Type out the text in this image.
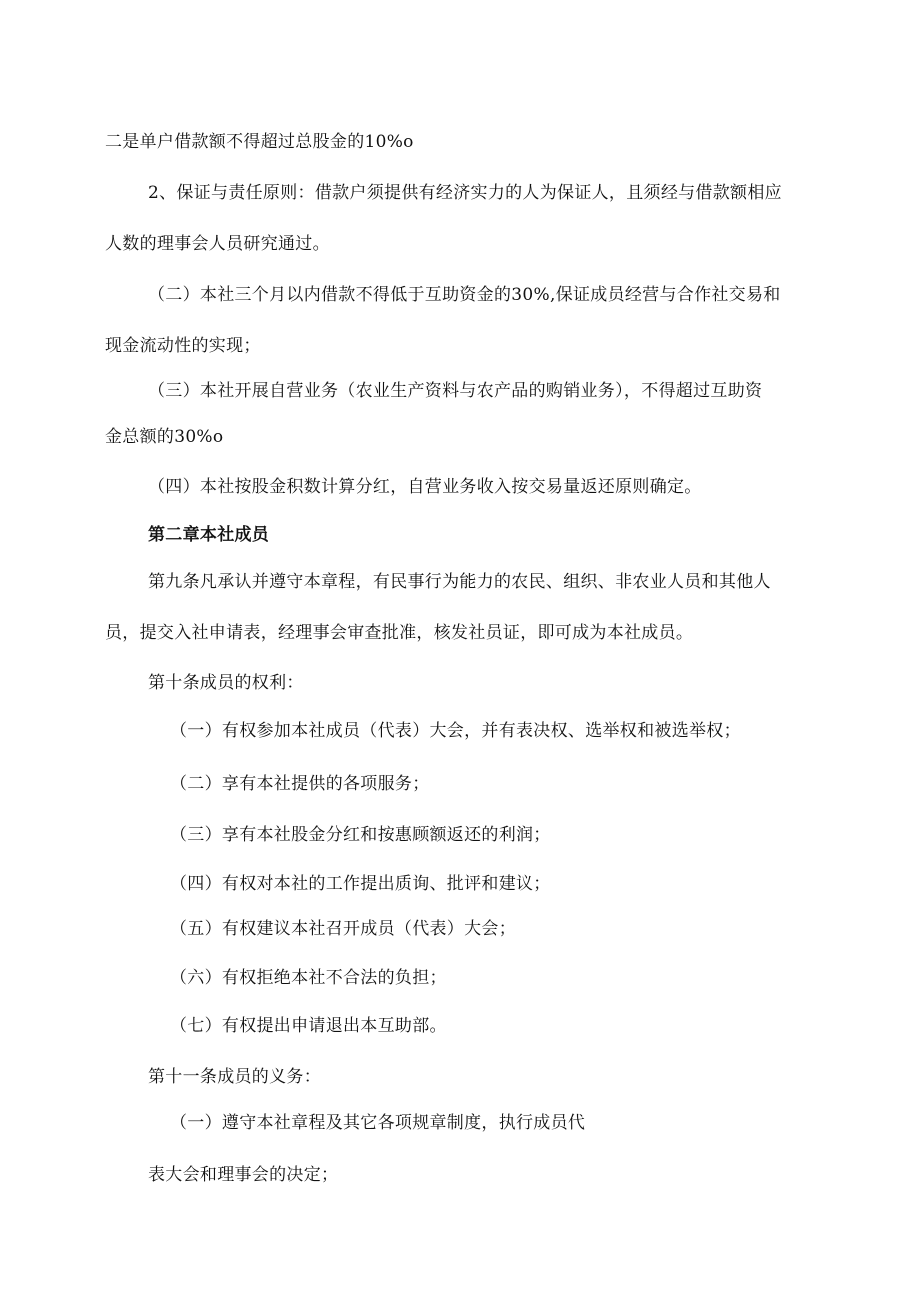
二是单户借款额不得超过总股金的10%o
2、保证与责任原则：借款户须提供有经济实力的人为保证人，且须经与借款额相应
人数的理事会人员研究通过。
（二）本社三个月以内借款不得低于互助资金的30%,保证成员经营与合作社交易和
现金流动性的实现；
（三）本社开展自营业务（农业生产资料与农产品的购销业务），不得超过互助资
金总额的30%o
（四）本社按股金积数计算分红，自营业务收入按交易量返还原则确定。
第二章本社成员
第九条凡承认并遵守本章程，有民事行为能力的农民、组织、非农业人员和其他人
员，提交入社申请表，经理事会审查批准，核发社员证，即可成为本社成员。
第十条成员的权利：
（一）有权参加本社成员（代表）大会，并有表决权、选举权和被选举权；
（二）享有本社提供的各项服务；
（三）享有本社股金分红和按惠顾额返还的利润；
（四）有权对本社的工作提出质询、批评和建议；
（五）有权建议本社召开成员（代表）大会；
（六）有权拒绝本社不合法的负担；
（七）有权提出申请退出本互助部。
第十一条成员的义务：
（一）遵守本社章程及其它各项规章制度，执行成员代
表大会和理事会的决定；
